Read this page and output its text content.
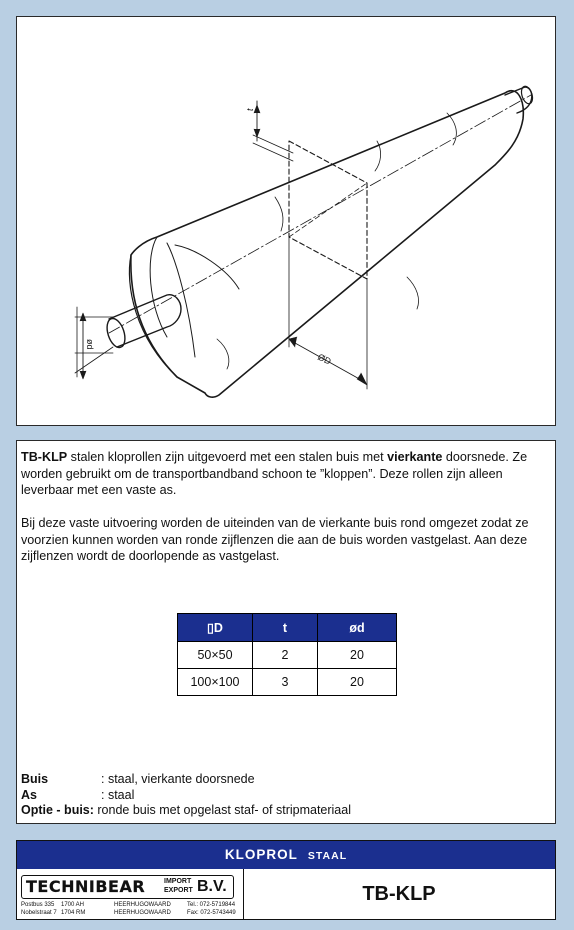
t
ØD
ød

TB-KLP stalen kloprollen zijn uitgevoerd met een stalen buis met vierkante doorsnede. Ze worden gebruikt om de transportbandband schoon te ”kloppen”. Deze rollen zijn alleen leverbaar met een vaste as.

Bij deze vaste uitvoering worden de uiteinden van de vierkante buis rond omgezet zodat ze voorzien kunnen worden van ronde zijflenzen die aan de buis worden vastgelast. Aan deze zijflenzen wordt de doorlopende as vastgelast.

▯D	t	ød
50×50	2	20
100×100	3	20
Buis	: staal, vierkante doorsnede
As	: staal
Optie - buis: ronde buis met opgelast staf- of stripmateriaal
KLOPROL STAAL
TECHNIBEAR	IMPORT
EXPORT B.V.
Postbus 335
Nobelstraat 7
1700 AH
1704 RM
HEERHUGOWAARD
HEERHUGOWAARD
Tel.: 072-5719844
Fax: 072-5743449
TB-KLP
